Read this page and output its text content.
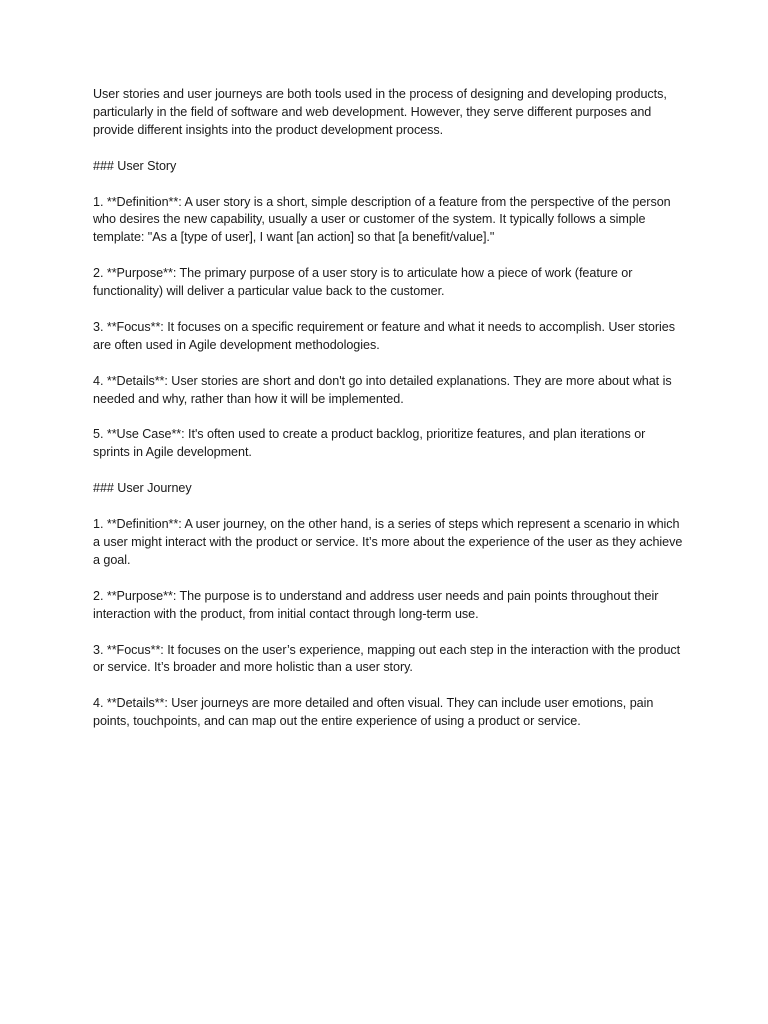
User stories and user journeys are both tools used in the process of designing and developing products, particularly in the field of software and web development. However, they serve different purposes and provide different insights into the product development process.

### User Story

1. **Definition**: A user story is a short, simple description of a feature from the perspective of the person who desires the new capability, usually a user or customer of the system. It typically follows a simple template: "As a [type of user], I want [an action] so that [a benefit/value]."

2. **Purpose**: The primary purpose of a user story is to articulate how a piece of work (feature or functionality) will deliver a particular value back to the customer.

3. **Focus**: It focuses on a specific requirement or feature and what it needs to accomplish. User stories are often used in Agile development methodologies.

4. **Details**: User stories are short and don't go into detailed explanations. They are more about what is needed and why, rather than how it will be implemented.

5. **Use Case**: It's often used to create a product backlog, prioritize features, and plan iterations or sprints in Agile development.

### User Journey

1. **Definition**: A user journey, on the other hand, is a series of steps which represent a scenario in which a user might interact with the product or service. It’s more about the experience of the user as they achieve a goal.

2. **Purpose**: The purpose is to understand and address user needs and pain points throughout their interaction with the product, from initial contact through long-term use.

3. **Focus**: It focuses on the user’s experience, mapping out each step in the interaction with the product or service. It’s broader and more holistic than a user story.

4. **Details**: User journeys are more detailed and often visual. They can include user emotions, pain points, touchpoints, and can map out the entire experience of using a product or service.
